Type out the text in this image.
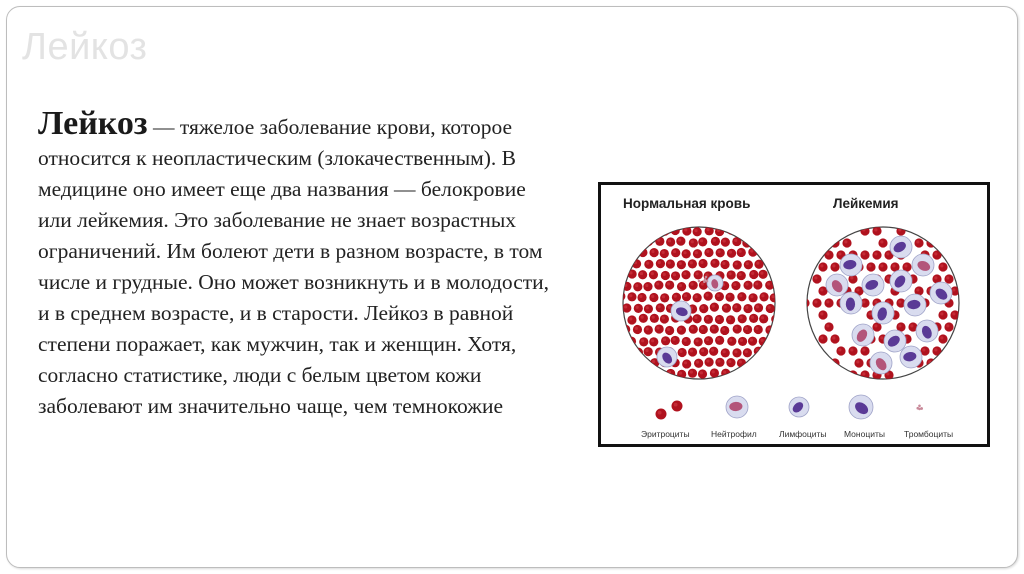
Лейкоз
Лейкоз — тяжелое заболевание крови, которое относится к неопластическим (злокачественным). В медицине оно имеет еще два названия — белокровие или лейкемия. Это заболевание не знает возрастных ограничений. Им болеют дети в разном возрасте, в том числе и грудные. Оно может возникнуть и в молодости, и в среднем возрасте, и в старости. Лейкоз в равной степени поражает, как мужчин, так и женщин. Хотя, согласно статистике, люди с белым цветом кожи заболевают им значительно чаще, чем темнокожие
Нормальная кровь	Лейкемия
Эритроциты	Нейтрофил	Лимфоциты Моноциты Тромбоциты
